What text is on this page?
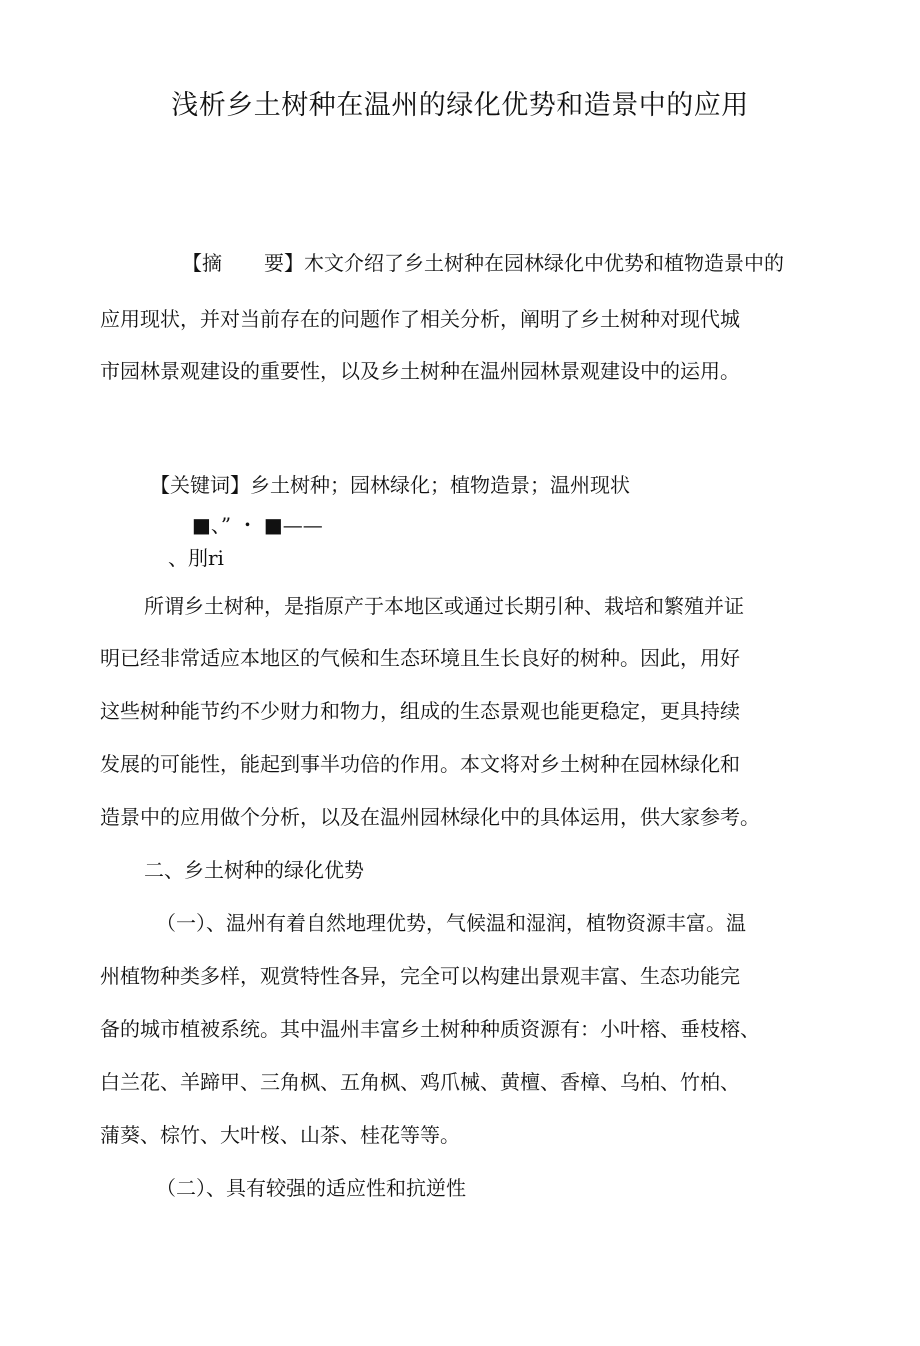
浅析乡土树种在温州的绿化优势和造景中的应用
【摘 要】木文介绍了乡土树种在园林绿化中优势和植物造景中的
应用现状，并对当前存在的问题作了相关分析，阐明了乡土树种对现代城
市园林景观建设的重要性，以及乡土树种在温州园林景观建设中的运用。
【关键词】乡土树种；园林绿化；植物造景；温州现状
■、” ・ ■——
、刖ri
所谓乡土树种，是指原产于本地区或通过长期引种、栽培和繁殖并证
明已经非常适应本地区的气候和生态环境且生长良好的树种。因此，用好
这些树种能节约不少财力和物力，组成的生态景观也能更稳定，更具持续
发展的可能性，能起到事半功倍的作用。本文将对乡土树种在园林绿化和
造景中的应用做个分析，以及在温州园林绿化中的具体运用，供大家参考。
二、乡土树种的绿化优势
（一）、温州有着自然地理优势，气候温和湿润，植物资源丰富。温
州植物种类多样，观赏特性各异，完全可以构建出景观丰富、生态功能完
备的城市植被系统。其中温州丰富乡土树种种质资源有：小叶榕、垂枝榕、
白兰花、羊蹄甲、三角枫、五角枫、鸡爪械、黄檀、香樟、乌柏、竹柏、
蒲葵、棕竹、大叶桜、山茶、桂花等等。
（二）、具有较强的适应性和抗逆性
